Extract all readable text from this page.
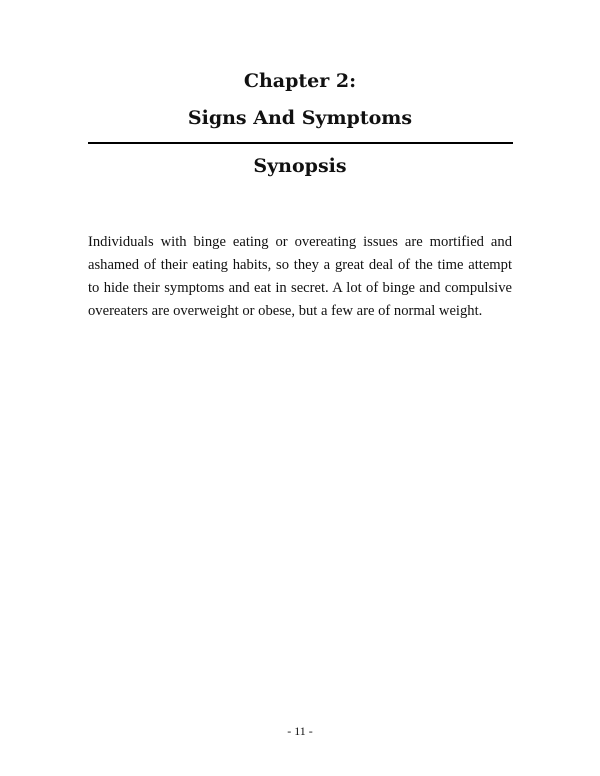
Chapter 2:
Signs And Symptoms
Synopsis

Individuals with binge eating or overeating issues are mortified and ashamed of their eating habits, so they a great deal of the time attempt to hide their symptoms and eat in secret. A lot of binge and compulsive overeaters are overweight or obese, but a few are of normal weight.

- 11 -
